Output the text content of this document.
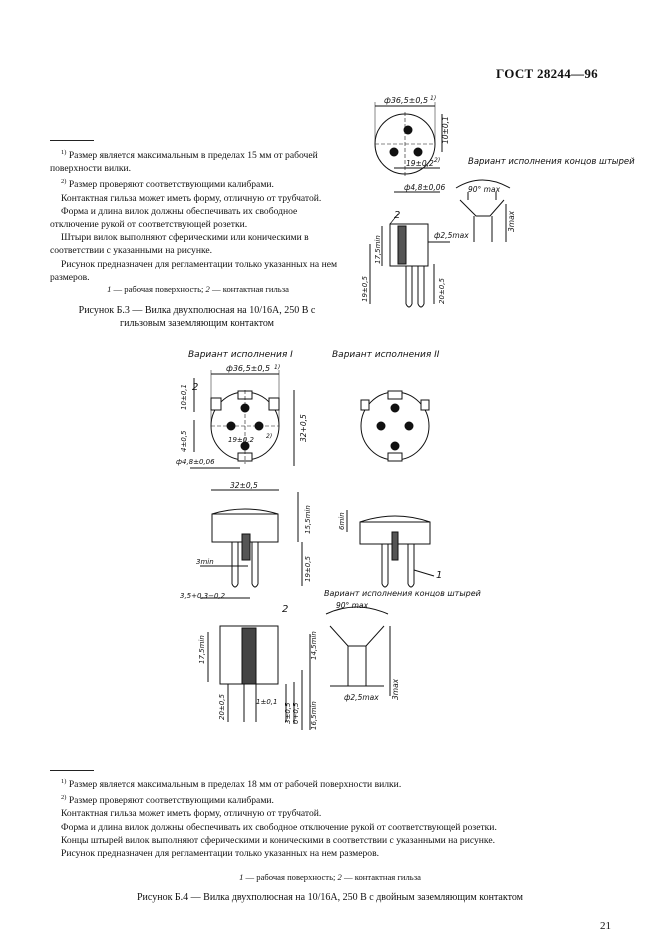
ГОСТ 28244—96

$^{1)}$ Размер является максимальным в пределах 15 мм от рабочей поверхности вилки.

$^{2)}$ Размер проверяют соответствующими калибрами.

Контактная гильза может иметь форму, отличную от трубчатой.

Форма и длина вилок должны обеспечивать их свободное отключение рукой от соответствующей розетки.

Штыри вилок выполняют сферическими или коническими в соответствии с указанными на рисунке.

Рисунок предназначен для регламентации только указанных на нем размеров.

1 — рабочая поверхность; 2 — контактная гильза
Рисунок Б.3 — Вилка двухполюсная на 10/16А, 250 В с гильзовым заземляющим контактом
ф36,5±0,5 1)
10±0,1
19±0,2 2)
ф4,8±0,06
Вариант исполнения концов штырей
90° max
3max
ф2,5max
2
17,5min
19±0,5	20±0,5
Вариант исполнения I	Вариант исполнения II
ф36,5±0,5 1)
2
10±0,1
4±0,5	19±0,2 2)
ф4,8±0,06
32±0,5
32+0,5
15,5min	6min
3min	19±0,5
3,5+0,3−0,2
14,5min
1
2
17,5min
20±0,5	1±0,1
3±0,5 0+0,5 16,5min
Вариант исполнения концов штырей
90° max
ф2,5max 3max

$^{1)}$ Размер является максимальным в пределах 18 мм от рабочей поверхности вилки.

$^{2)}$ Размер проверяют соответствующими калибрами.

Контактная гильза может иметь форму, отличную от трубчатой.

Форма и длина вилок должны обеспечивать их свободное отключение рукой от соответствующей розетки.

Концы штырей вилок выполняют сферическими и коническими в соответствии с указанными на рисунке.

Рисунок предназначен для регламентации только указанных на нем размеров.

1 — рабочая поверхность; 2 — контактная гильза
Рисунок Б.4 — Вилка двухполюсная на 10/16А, 250 В с двойным заземляющим контактом
21
